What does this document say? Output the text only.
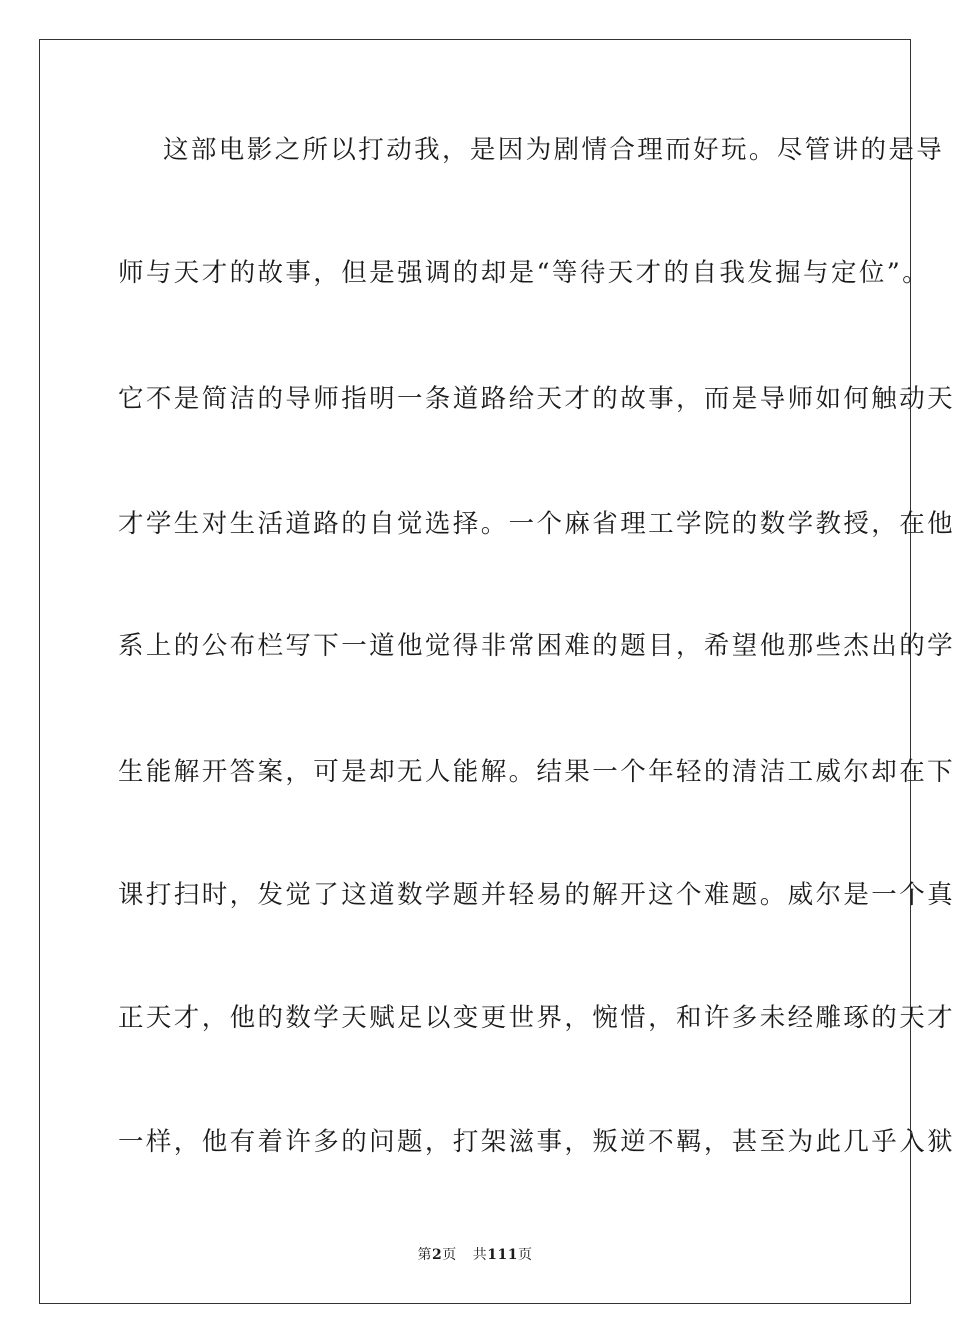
这部电影之所以打动我，是因为剧情合理而好玩。尽管讲的是导
师与天才的故事，但是强调的却是“等待天才的自我发掘与定位”。
它不是简洁的导师指明一条道路给天才的故事，而是导师如何触动天
才学生对生活道路的自觉选择。一个麻省理工学院的数学教授，在他
系上的公布栏写下一道他觉得非常困难的题目，希望他那些杰出的学
生能解开答案，可是却无人能解。结果一个年轻的清洁工威尔却在下
课打扫时，发觉了这道数学题并轻易的解开这个难题。威尔是一个真
正天才，他的数学天赋足以变更世界，惋惜，和许多未经雕琢的天才
一样，他有着许多的问题，打架滋事，叛逆不羁，甚至为此几乎入狱
第2页 共111页
